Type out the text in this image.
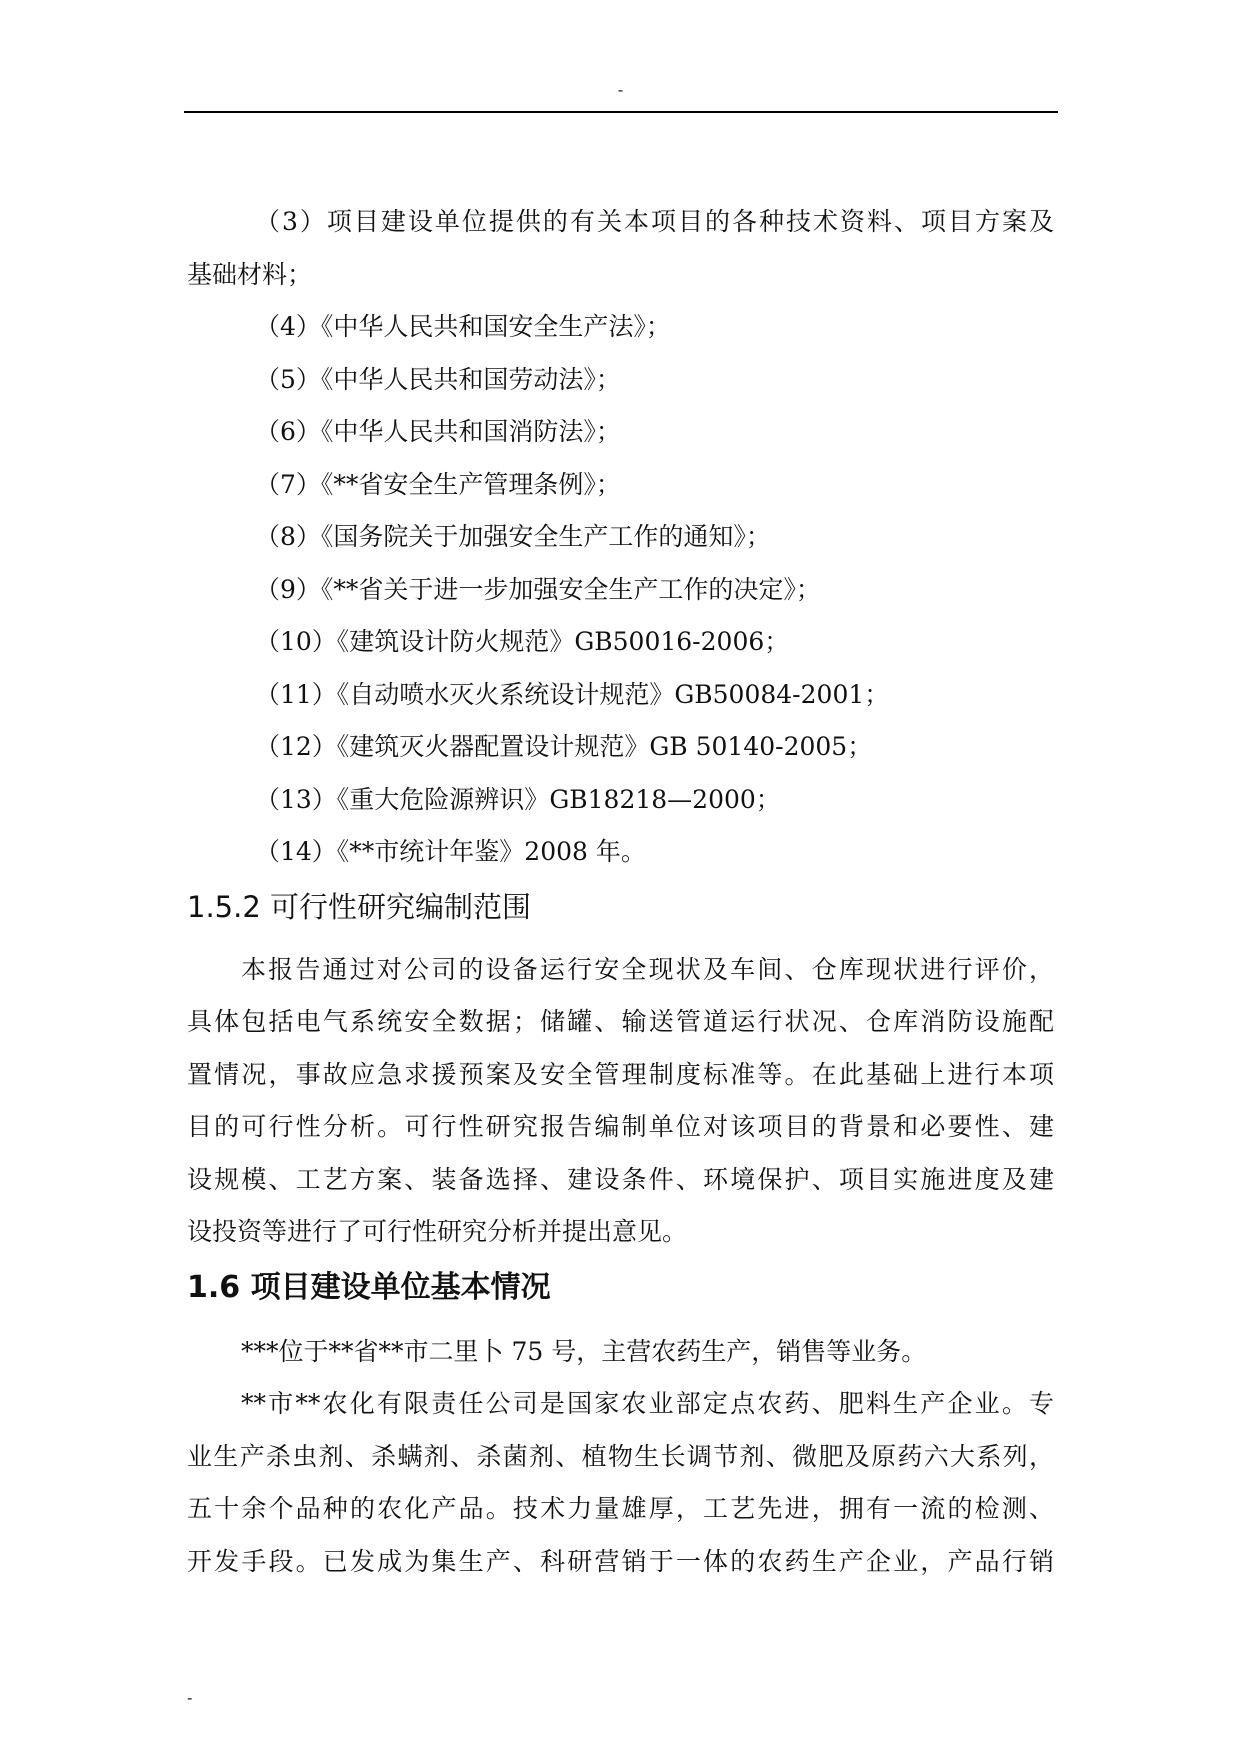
-
（3）项目建设单位提供的有关本项目的各种技术资料、项目方案及
基础材料；
（4）《中华人民共和国安全生产法》；
（5）《中华人民共和国劳动法》；
（6）《中华人民共和国消防法》；
（7）《**省安全生产管理条例》；
（8）《国务院关于加强安全生产工作的通知》；
（9）《**省关于进一步加强安全生产工作的决定》；
（10）《建筑设计防火规范》GB50016-2006；
（11）《自动喷水灭火系统设计规范》GB50084-2001；
（12）《建筑灭火器配置设计规范》GB 50140-2005；
（13）《重大危险源辨识》GB18218—2000；
（14）《**市统计年鉴》2008 年。
1.5.2 可行性研究编制范围
本报告通过对公司的设备运行安全现状及车间、仓库现状进行评价，
具体包括电气系统安全数据；储罐、输送管道运行状况、仓库消防设施配
置情况，事故应急求援预案及安全管理制度标准等。在此基础上进行本项
目的可行性分析。可行性研究报告编制单位对该项目的背景和必要性、建
设规模、工艺方案、装备选择、建设条件、环境保护、项目实施进度及建
设投资等进行了可行性研究分析并提出意见。
1.6 项目建设单位基本情况
***位于**省**市二里卜 75 号，主营农药生产，销售等业务。
**市**农化有限责任公司是国家农业部定点农药、肥料生产企业。专
业生产杀虫剂、杀螨剂、杀菌剂、植物生长调节剂、微肥及原药六大系列，
五十余个品种的农化产品。技术力量雄厚，工艺先进，拥有一流的检测、
开发手段。已发成为集生产、科研营销于一体的农药生产企业，产品行销
-
